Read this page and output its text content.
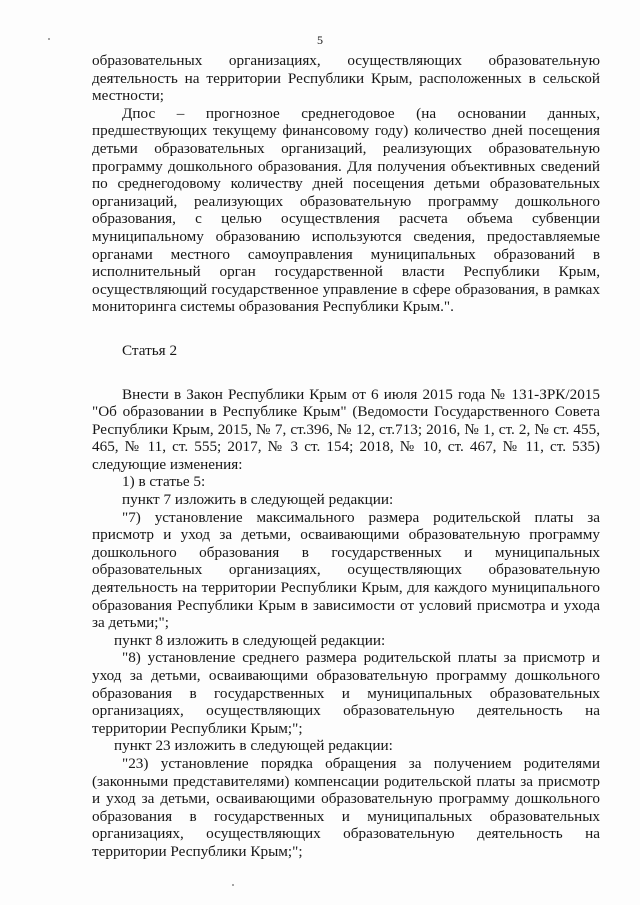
5

образовательных организациях, осуществляющих образовательную деятельность на территории Республики Крым, расположенных в сельской местности;

Дпос – прогнозное среднегодовое (на основании данных, предшествующих текущему финансовому году) количество дней посещения детьми образовательных организаций, реализующих образовательную программу дошкольного образования. Для получения объективных сведений по среднегодовому количеству дней посещения детьми образовательных организаций, реализующих образовательную программу дошкольного образования, с целью осуществления расчета объема субвенции муниципальному образованию используются сведения, предоставляемые органами местного самоуправления муниципальных образований в исполнительный орган государственной власти Республики Крым, осуществляющий государственное управление в сфере образования, в рамках мониторинга системы образования Республики Крым.".

Статья 2

Внести в Закон Республики Крым от 6 июля 2015 года № 131-ЗРК/2015 "Об образовании в Республике Крым" (Ведомости Государственного Совета Республики Крым, 2015, № 7, ст.396, № 12, ст.713; 2016, № 1, ст. 2, № ст. 455, 465, № 11, ст. 555; 2017, № 3 ст. 154; 2018, № 10, ст. 467, № 11, ст. 535) следующие изменения:

1) в статье 5:

пункт 7 изложить в следующей редакции:

"7) установление максимального размера родительской платы за присмотр и уход за детьми, осваивающими образовательную программу дошкольного образования в государственных и муниципальных образовательных организациях, осуществляющих образовательную деятельность на территории Республики Крым, для каждого муниципального образования Республики Крым в зависимости от условий присмотра и ухода за детьми;";

пункт 8 изложить в следующей редакции:

"8) установление среднего размера родительской платы за присмотр и уход за детьми, осваивающими образовательную программу дошкольного образования в государственных и муниципальных образовательных организациях, осуществляющих образовательную деятельность на территории Республики Крым;";

пункт 23 изложить в следующей редакции:

"23) установление порядка обращения за получением родителями (законными представителями) компенсации родительской платы за присмотр и уход за детьми, осваивающими образовательную программу дошкольного образования в государственных и муниципальных образовательных организациях, осуществляющих образовательную деятельность на территории Республики Крым;";
